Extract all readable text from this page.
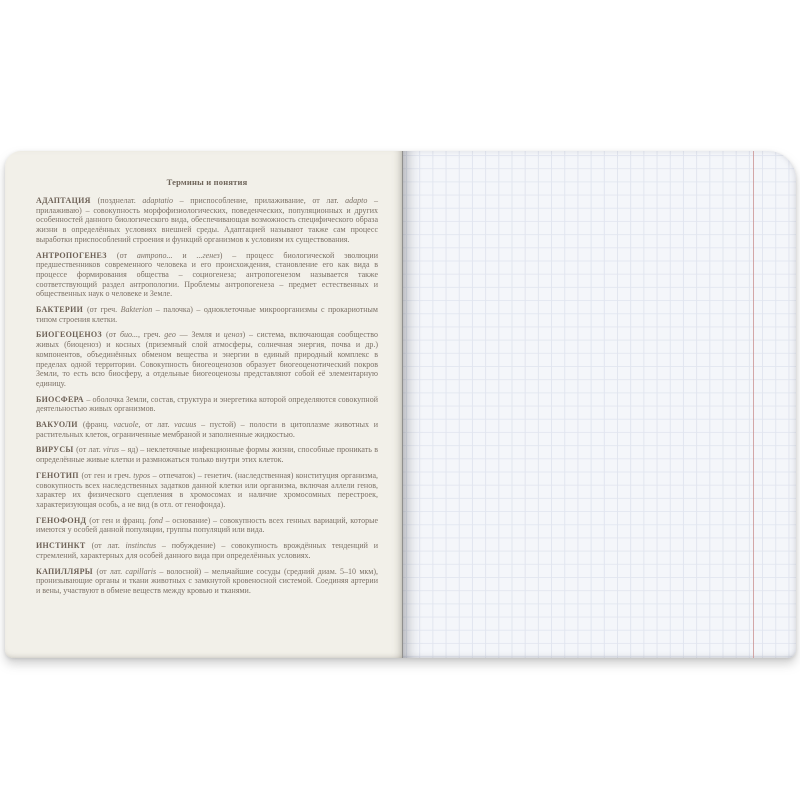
Термины и понятия

АДАПТАЦИЯ (позднелат. adaptatio – приспособление, прилаживание, от лат. adapto – прилаживаю) – совокупность морфофизиологических, поведенческих, популяционных и других особенностей данного биологического вида, обеспечивающая возможность специфического образа жизни в определённых условиях внешней среды. Адаптацией называют также сам процесс выработки приспособлений строения и функций организмов к условиям их существования.

АНТРОПОГЕНЕЗ (от антропо... и ...генез) – процесс биологической эволюции предшественников современного человека и его происхождения, становление его как вида в процессе формирования общества – социогенеза; антропогенезом называется также соответствующий раздел антропологии. Проблемы антропогенеза – предмет естественных и общественных наук о человеке и Земле.

БАКТЕРИИ (от греч. Bakterion – палочка) – одноклеточные микроорганизмы с прокариотным типом строения клетки.

БИОГЕОЦЕНОЗ (от био..., греч. geo — Земля и ценоз) – система, включающая сообщество живых (биоценоз) и косных (приземный слой атмосферы, солнечная энергия, почва и др.) компонентов, объединённых обменом вещества и энергии в единый природный комплекс в пределах одной территории. Совокупность биогеоценозов образует биогеоценотический покров Земли, то есть всю биосферу, а отдельные биогеоценозы представляют собой её элементарную единицу.

БИОСФЕРА – оболочка Земли, состав, структура и энергетика которой определяются совокупной деятельностью живых организмов.

ВАКУОЛИ (франц. vacuole, от лат. vacuus – пустой) – полости в цитоплазме животных и растительных клеток, ограниченные мембраной и заполненные жидкостью.

ВИРУСЫ (от лат. virus – яд) – неклеточные инфекционные формы жизни, способные проникать в определённые живые клетки и размножаться только внутри этих клеток.

ГЕНОТИП (от ген и греч. typos – отпечаток) – генетич. (наследственная) конституция организма, совокупность всех наследственных задатков данной клетки или организма, включая аллели генов, характер их физического сцепления в хромосомах и наличие хромосомных перестроек, характеризующая особь, а не вид (в отл. от генофонда).

ГЕНОФОНД (от ген и франц. fond – основание) – совокупность всех генных вариаций, которые имеются у особей данной популяции, группы популяций или вида.

ИНСТИНКТ (от лат. instinctus – побуждение) – совокупность врождённых тенденций и стремлений, характерных для особей данного вида при определённых условиях.

КАПИЛЛЯРЫ (от лат. capillaris – волосной) – мельчайшие сосуды (средний диам. 5–10 мкм), пронизывающие органы и ткани животных с замкнутой кровеносной системой. Соединяя артерии и вены, участвуют в обмене веществ между кровью и тканями.
